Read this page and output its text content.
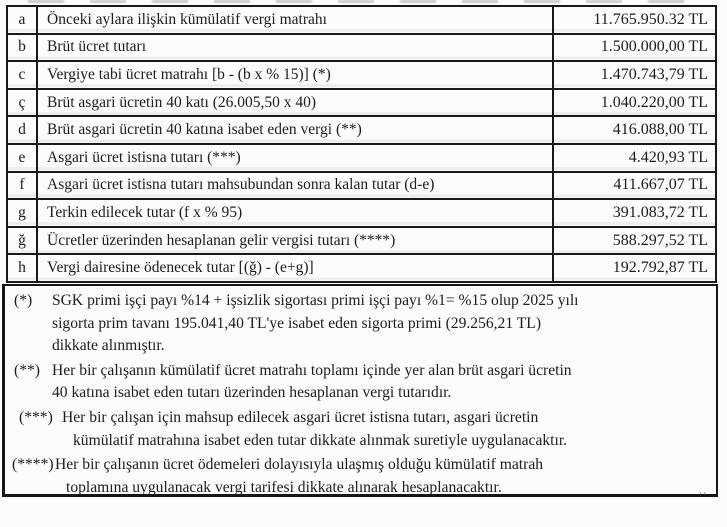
a	Önceki aylara ilişkin kümülatif vergi matrahı	11.765.950.32 TL
b	Brüt ücret tutarı	1.500.000,00 TL
c	Vergiye tabi ücret matrahı [b - (b x % 15)] (*)	1.470.743,79 TL
ç	Brüt asgari ücretin 40 katı (26.005,50 x 40)	1.040.220,00 TL
d	Brüt asgari ücretin 40 katına isabet eden vergi (**)	416.088,00 TL
e	Asgari ücret istisna tutarı (***)	4.420,93 TL
f	Asgari ücret istisna tutarı mahsubundan sonra kalan tutar (d-e)	411.667,07 TL
g	Terkin edilecek tutar (f x % 95)	391.083,72 TL
ğ	Ücretler üzerinden hesaplanan gelir vergisi tutarı (****)	588.297,52 TL
h	Vergi dairesine ödenecek tutar [(ğ) - (e+g)]	192.792,87 TL
(*)	SGK primi işçi payı %14 + işsizlik sigortası primi işçi payı %1= %15 olup 2025 yılı
sigorta prim tavanı 195.041,40 TL'ye isabet eden sigorta primi (29.256,21 TL)
dikkate alınmıştır.
(**) Her bir çalışanın kümülatif ücret matrahı toplamı içinde yer alan brüt asgari ücretin
40 katına isabet eden tutarı üzerinden hesaplanan vergi tutarıdır.
(***) Her bir çalışan için mahsup edilecek asgari ücret istisna tutarı, asgari ücretin
kümülatif matrahına isabet eden tutar dikkate alınmak suretiyle uygulanacaktır.
(****) Her bir çalışanın ücret ödemeleri dolayısıyla ulaşmış olduğu kümülatif matrah
toplamına uygulanacak vergi tarifesi dikkate alınarak hesaplanacaktır.
''
